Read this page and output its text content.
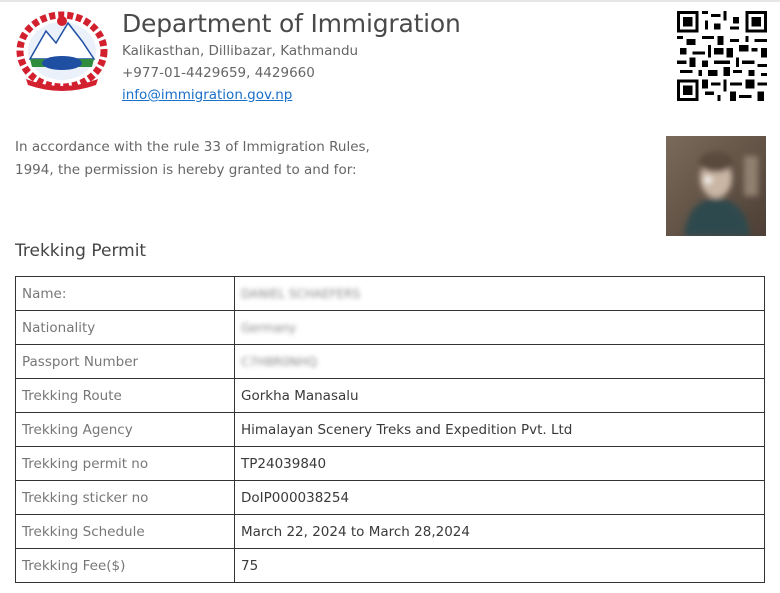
Department of Immigration
Kalikasthan, Dillibazar, Kathmandu
+977-01-4429659, 4429660
info@immigration.gov.np
In accordance with the rule 33 of Immigration Rules, 1994, the permission is hereby granted to and for:
Trekking Permit
Name:	DANIEL SCHAEFERS
Nationality	Germany
Passport Number	C7H8R0NHQ
Trekking Route	Gorkha Manasalu
Trekking Agency	Himalayan Scenery Treks and Expedition Pvt. Ltd
Trekking permit no	TP24039840
Trekking sticker no	DoIP000038254
Trekking Schedule	March 22, 2024 to March 28,2024
Trekking Fee($)	75
